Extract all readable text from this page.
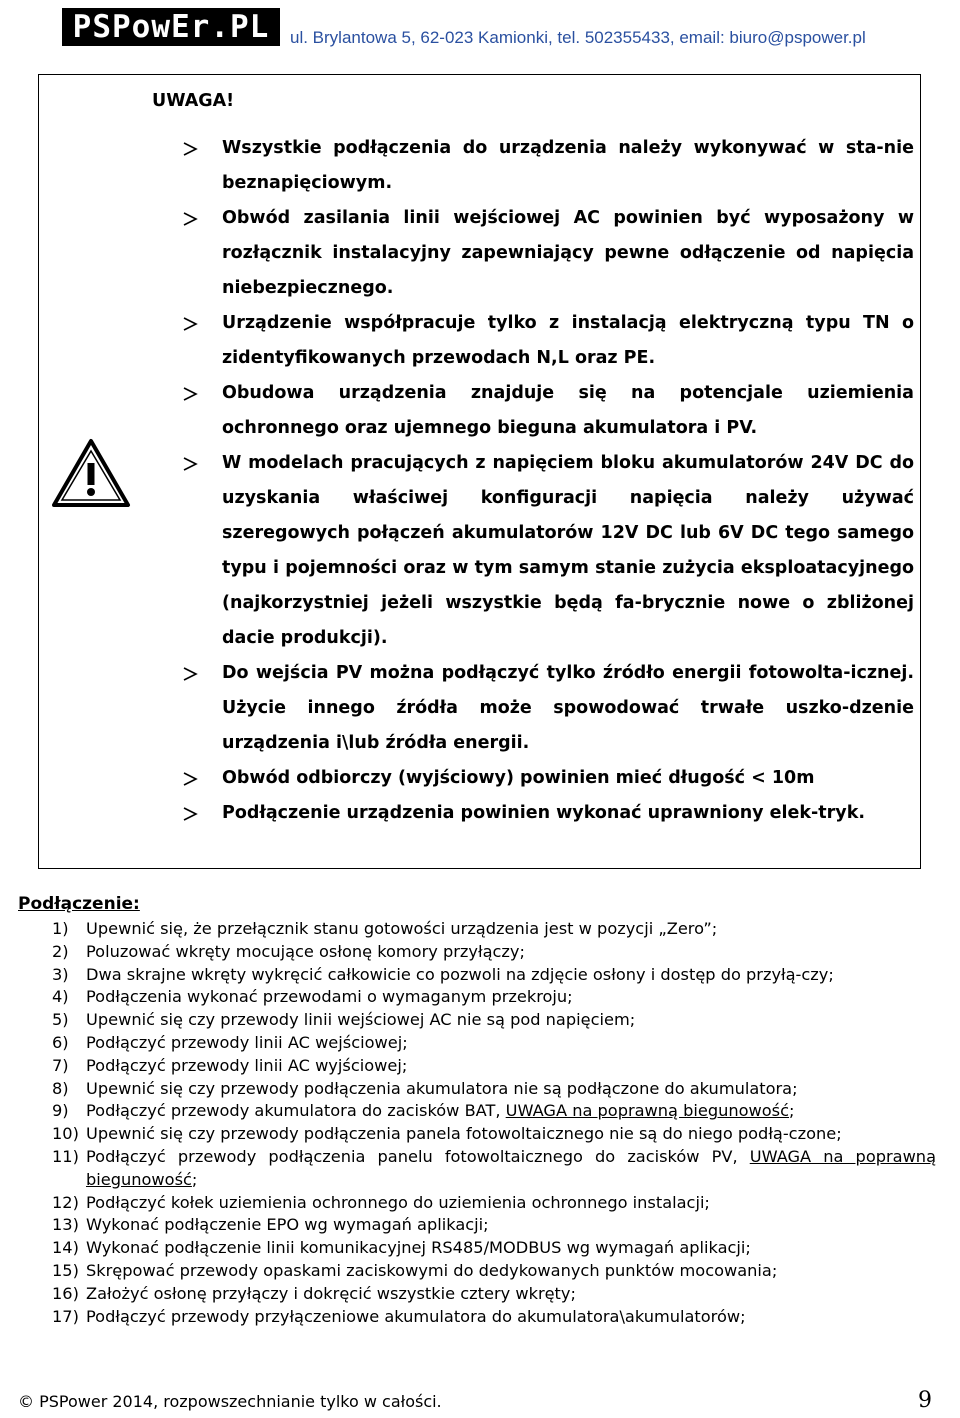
PSPowEr.PL ul. Brylantowa 5, 62-023 Kamionki, tel. 502355433, email: biuro@pspower.pl
UWAGA!
Wszystkie podłączenia do urządzenia należy wykonywać w sta-nie beznapięciowym.
Obwód zasilania linii wejściowej AC powinien być wyposażony w rozłącznik instalacyjny zapewniający pewne odłączenie od napięcia niebezpiecznego.
Urządzenie współpracuje tylko z instalacją elektryczną typu TN o zidentyfikowanych przewodach N,L oraz PE.
Obudowa urządzenia znajduje się na potencjale uziemienia ochronnego oraz ujemnego bieguna akumulatora i PV.
W modelach pracujących z napięciem bloku akumulatorów 24V DC do uzyskania właściwej konfiguracji napięcia należy używać szeregowych połączeń akumulatorów 12V DC lub 6V DC tego samego typu i pojemności oraz w tym samym stanie zużycia eksploatacyjnego (najkorzystniej jeżeli wszystkie będą fa-brycznie nowe o zbliżonej dacie produkcji).
Do wejścia PV można podłączyć tylko źródło energii fotowolta-icznej. Użycie innego źródła może spowodować trwałe uszko-dzenie urządzenia i\lub źródła energii.
Obwód odbiorczy (wyjściowy) powinien mieć długość < 10m
Podłączenie urządzenia powinien wykonać uprawniony elek-tryk.
Podłączenie:
1) Upewnić się, że przełącznik stanu gotowości urządzenia jest w pozycji „Zero”;
2) Poluzować wkręty mocujące osłonę komory przyłączy;
3) Dwa skrajne wkręty wykręcić całkowicie co pozwoli na zdjęcie osłony i dostęp do przyłą-czy;
4) Podłączenia wykonać przewodami o wymaganym przekroju;
5) Upewnić się czy przewody linii wejściowej AC nie są pod napięciem;
6) Podłączyć przewody linii AC wejściowej;
7) Podłączyć przewody linii AC wyjściowej;
8) Upewnić się czy przewody podłączenia akumulatora nie są podłączone do akumulatora;
9) Podłączyć przewody akumulatora do zacisków BAT, UWAGA na poprawną biegunowość;
10) Upewnić się czy przewody podłączenia panela fotowoltaicznego nie są do niego podłą-czone;
11) Podłączyć przewody podłączenia panelu fotowoltaicznego do zacisków PV, UWAGA na poprawną biegunowość;
12) Podłączyć kołek uziemienia ochronnego do uziemienia ochronnego instalacji;
13) Wykonać podłączenie EPO wg wymagań aplikacji;
14) Wykonać podłączenie linii komunikacyjnej RS485/MODBUS wg wymagań aplikacji;
15) Skrępować przewody opaskami zaciskowymi do dedykowanych punktów mocowania;
16) Założyć osłonę przyłączy i dokręcić wszystkie cztery wkręty;
17) Podłączyć przewody przyłączeniowe akumulatora do akumulatora\akumulatorów;
© PSPower 2014, rozpowszechnianie tylko w całości.	9
